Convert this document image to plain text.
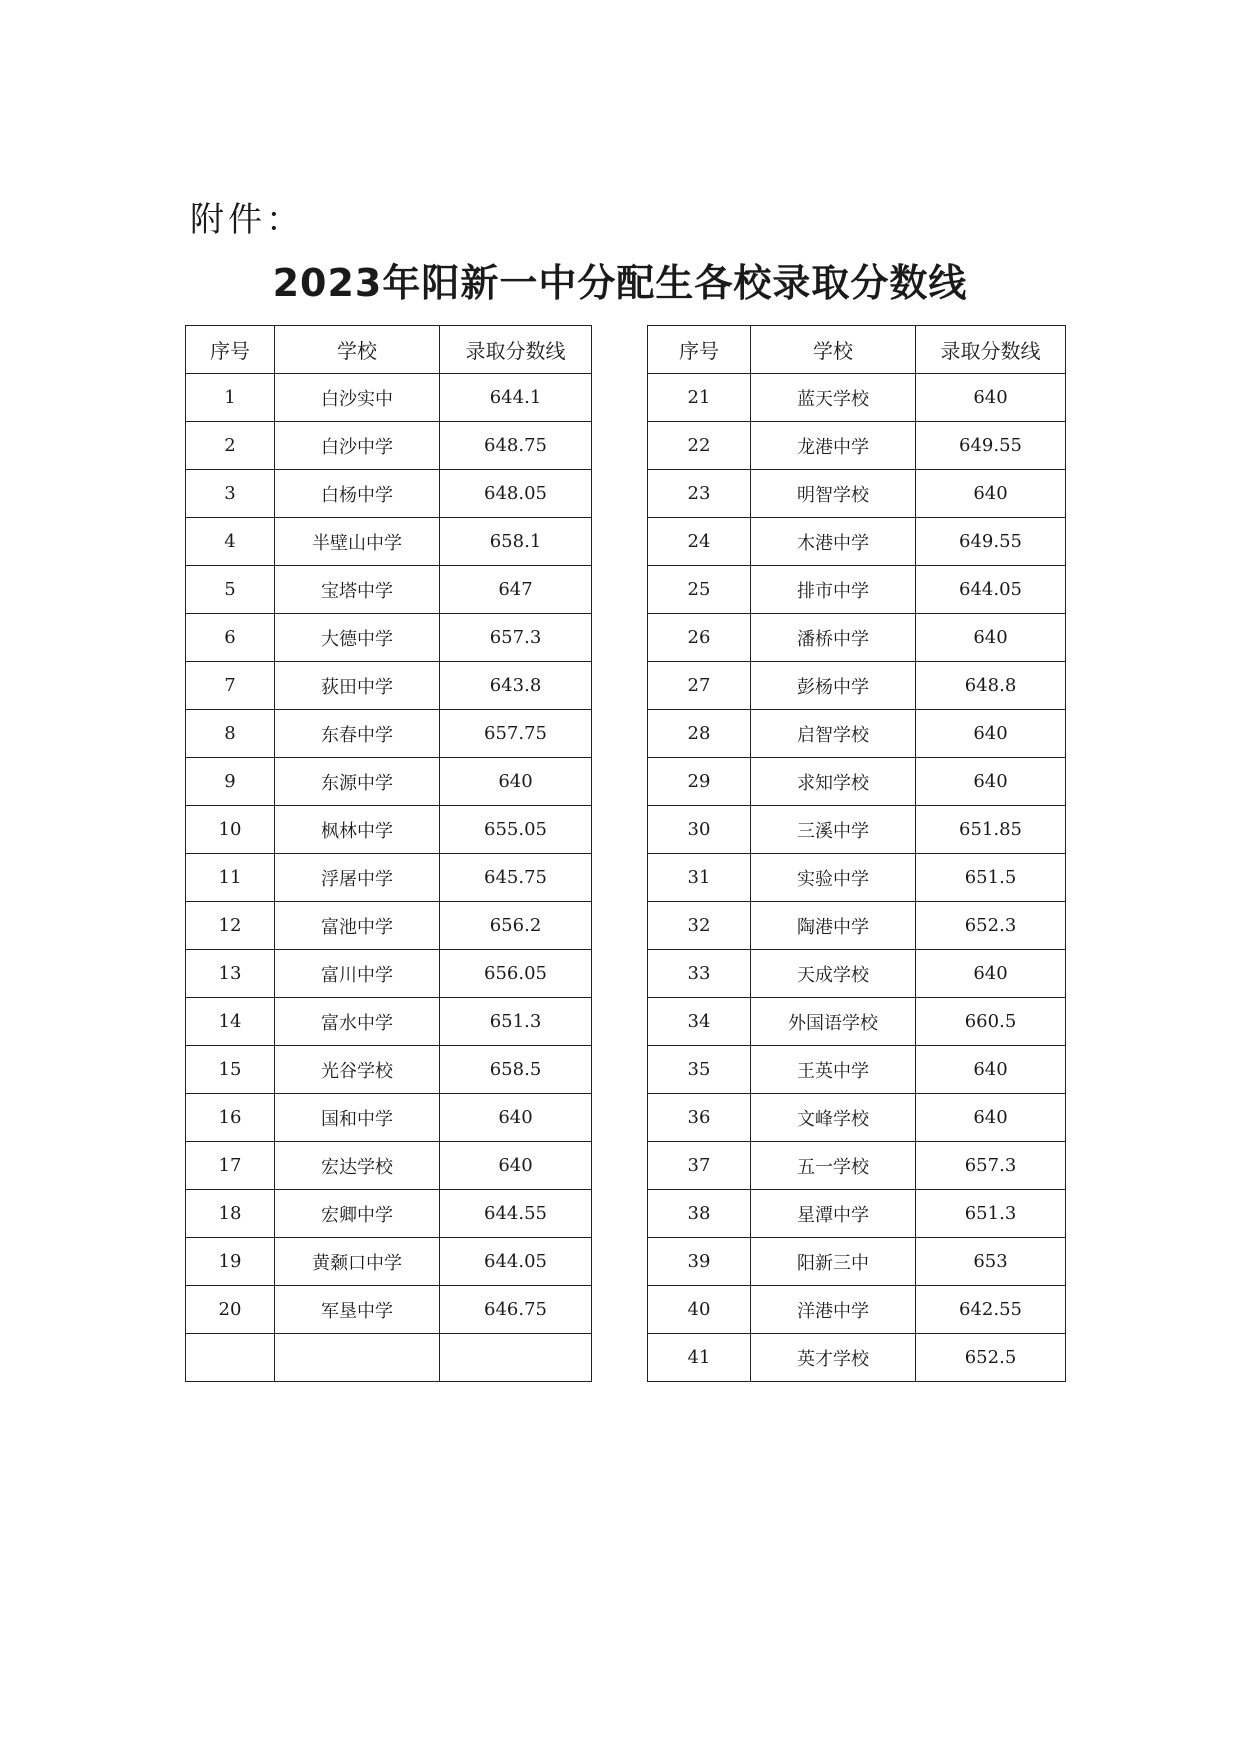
附件：
2023年阳新一中分配生各校录取分数线
序号	学校	录取分数线
1	白沙实中	644.1
2	白沙中学	648.75
3	白杨中学	648.05
4	半壁山中学	658.1
5	宝塔中学	647
6	大德中学	657.3
7	荻田中学	643.8
8	东春中学	657.75
9	东源中学	640
10	枫林中学	655.05
11	浮屠中学	645.75
12	富池中学	656.2
13	富川中学	656.05
14	富水中学	651.3
15	光谷学校	658.5
16	国和中学	640
17	宏达学校	640
18	宏卿中学	644.55
19	黄颡口中学	644.05
20	军垦中学	646.75

序号	学校	录取分数线
21	蓝天学校	640
22	龙港中学	649.55
23	明智学校	640
24	木港中学	649.55
25	排市中学	644.05
26	潘桥中学	640
27	彭杨中学	648.8
28	启智学校	640
29	求知学校	640
30	三溪中学	651.85
31	实验中学	651.5
32	陶港中学	652.3
33	天成学校	640
34	外国语学校	660.5
35	王英中学	640
36	文峰学校	640
37	五一学校	657.3
38	星潭中学	651.3
39	阳新三中	653
40	洋港中学	642.55
41	英才学校	652.5
